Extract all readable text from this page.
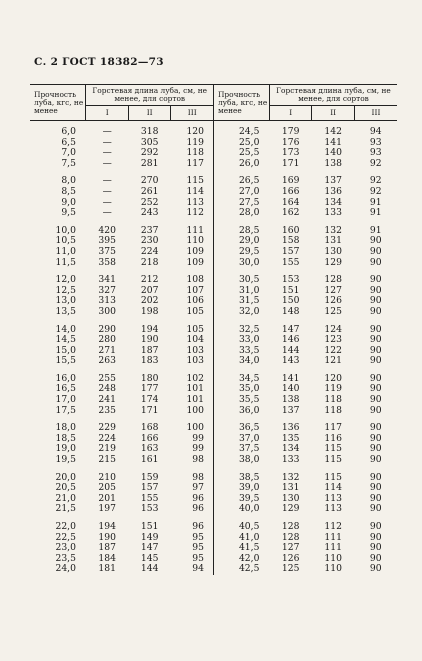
С. 2 ГОСТ 18382—73
Прочность луба, кгс, не менее	Горстевая длина луба, см, не менее, для сортов			Прочность луба, кгс, не менее	Горстевая длина луба, см, не менее, для сортов		
	I	II	III		I	II	III
6,0	—	318	120	24,5	179	142	94
6,5	—	305	119	25,0	176	141	93
7,0	—	292	118	25,5	173	140	93
7,5	—	281	117	26,0	171	138	92
8,0	—	270	115	26,5	169	137	92
8,5	—	261	114	27,0	166	136	92
9,0	—	252	113	27,5	164	134	91
9,5	—	243	112	28,0	162	133	91
10,0	420	237	111	28,5	160	132	91
10,5	395	230	110	29,0	158	131	90
11,0	375	224	109	29,5	157	130	90
11,5	358	218	109	30,0	155	129	90
12,0	341	212	108	30,5	153	128	90
12,5	327	207	107	31,0	151	127	90
13,0	313	202	106	31,5	150	126	90
13,5	300	198	105	32,0	148	125	90
14,0	290	194	105	32,5	147	124	90
14,5	280	190	104	33,0	146	123	90
15,0	271	187	103	33,5	144	122	90
15,5	263	183	103	34,0	143	121	90
16,0	255	180	102	34,5	141	120	90
16,5	248	177	101	35,0	140	119	90
17,0	241	174	101	35,5	138	118	90
17,5	235	171	100	36,0	137	118	90
18,0	229	168	100	36,5	136	117	90
18,5	224	166	99	37,0	135	116	90
19,0	219	163	99	37,5	134	115	90
19,5	215	161	98	38,0	133	115	90
20,0	210	159	98	38,5	132	115	90
20,5	205	157	97	39,0	131	114	90
21,0	201	155	96	39,5	130	113	90
21,5	197	153	96	40,0	129	113	90
22,0	194	151	96	40,5	128	112	90
22,5	190	149	95	41,0	128	111	90
23,0	187	147	95	41,5	127	111	90
23,5	184	145	95	42,0	126	110	90
24,0	181	144	94	42,5	125	110	90
